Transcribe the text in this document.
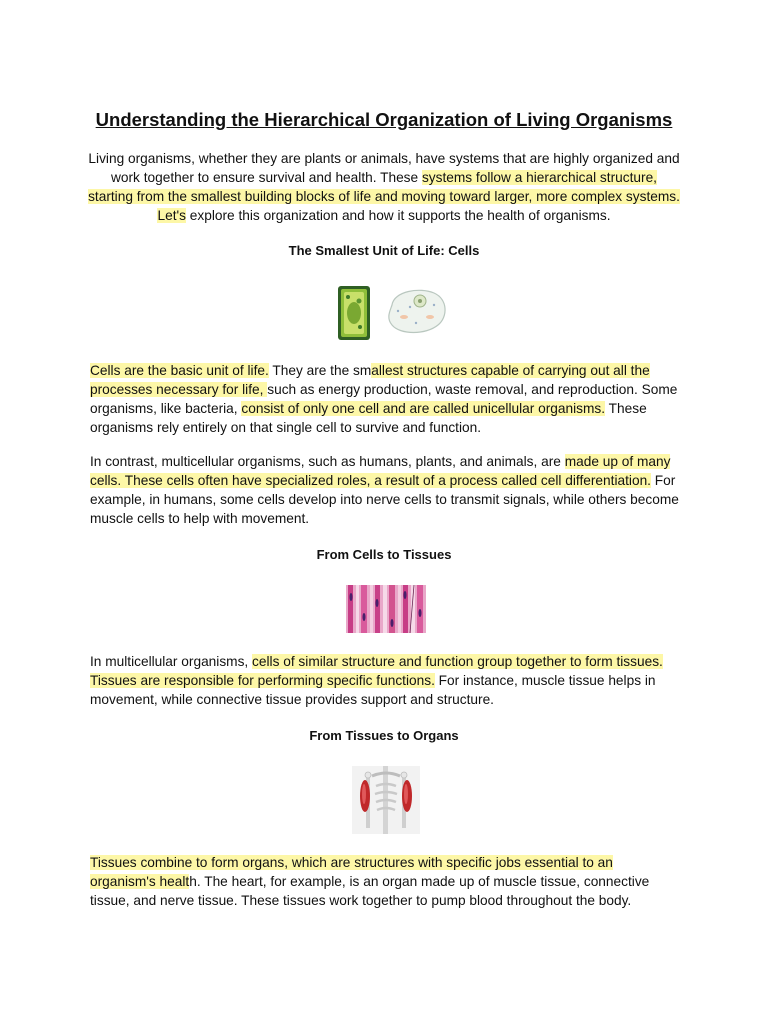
Understanding the Hierarchical Organization of Living Organisms

Living organisms, whether they are plants or animals, have systems that are highly organized and work together to ensure survival and health. These systems follow a hierarchical structure, starting from the smallest building blocks of life and moving toward larger, more complex systems. Let's explore this organization and how it supports the health of organisms.

The Smallest Unit of Life: Cells

Cells are the basic unit of life. They are the smallest structures capable of carrying out all the processes necessary for life, such as energy production, waste removal, and reproduction. Some organisms, like bacteria, consist of only one cell and are called unicellular organisms. These organisms rely entirely on that single cell to survive and function.

In contrast, multicellular organisms, such as humans, plants, and animals, are made up of many cells. These cells often have specialized roles, a result of a process called cell differentiation. For example, in humans, some cells develop into nerve cells to transmit signals, while others become muscle cells to help with movement.

From Cells to Tissues

In multicellular organisms, cells of similar structure and function group together to form tissues. Tissues are responsible for performing specific functions. For instance, muscle tissue helps in movement, while connective tissue provides support and structure.

From Tissues to Organs

Tissues combine to form organs, which are structures with specific jobs essential to an organism's health. The heart, for example, is an organ made up of muscle tissue, connective tissue, and nerve tissue. These tissues work together to pump blood throughout the body.
